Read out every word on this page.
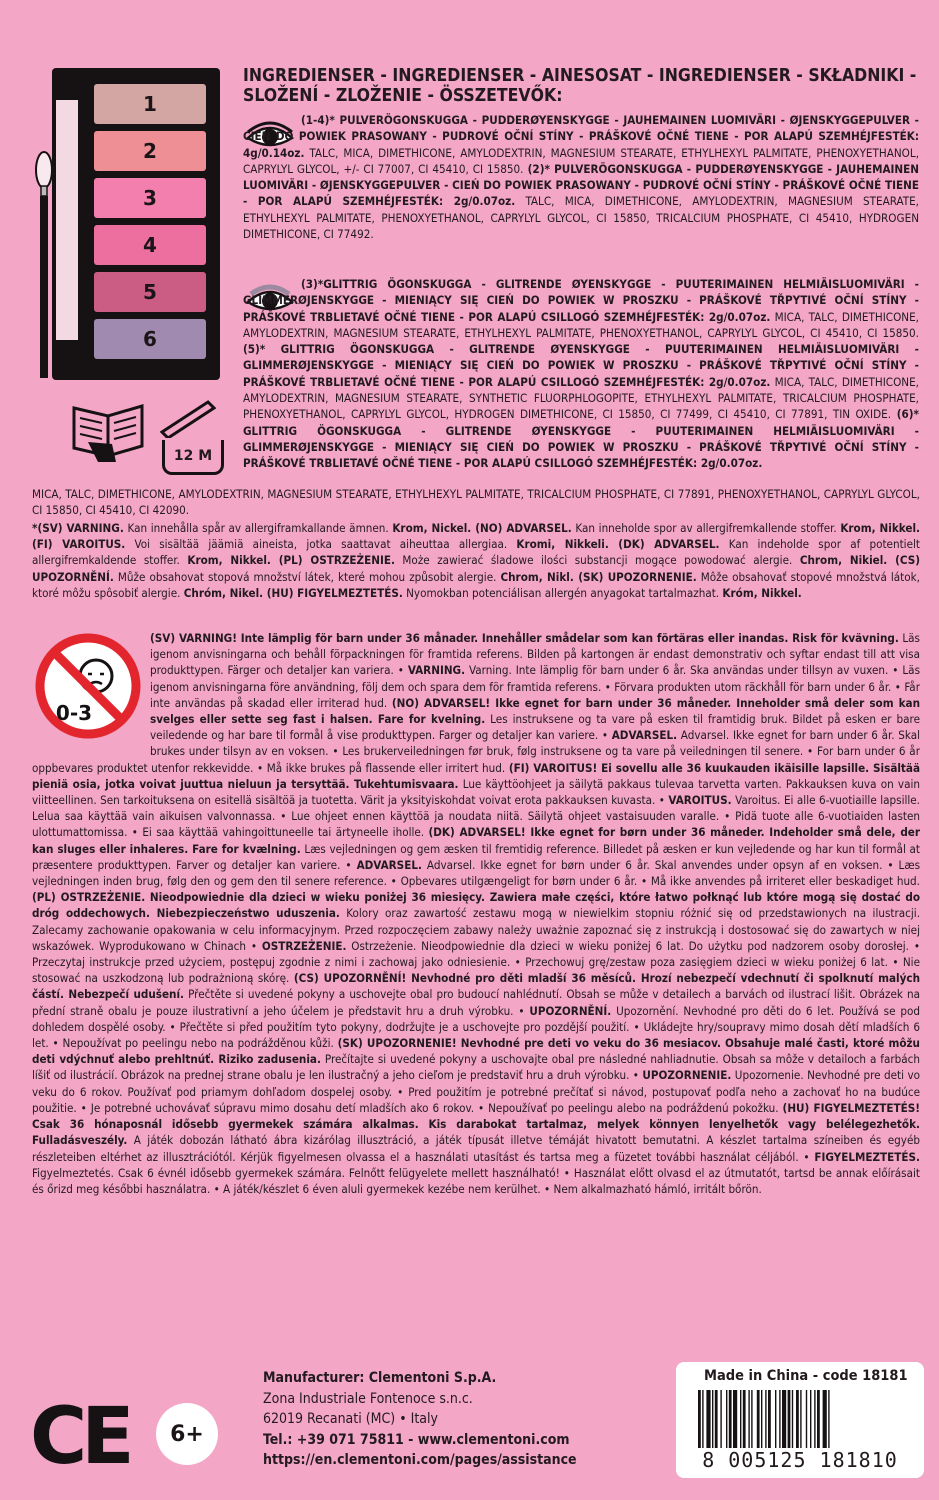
1
2
3
4
5
6
12 M
INGREDIENSER - INGREDIENSER - AINESOSAT - INGREDIENSER - SKŁADNIKI -
SLOŽENÍ - ZLOŽENIE - ÖSSZETEVŐK:

(1-4)* PULVERÖGONSKUGGA - PUDDERØYENSKYGGE - JAUHEMAINEN LUOMIVÄRI - ØJENSKYGGEPULVER - CIEŃ DO POWIEK PRASOWANY - PUDROVÉ OČNÍ STÍNY - PRÁŠKOVÉ OČNÉ TIENE - POR ALAPÚ SZEMHÉJFESTÉK: 4g/0.14oz. TALC, MICA, DIMETHICONE, AMYLODEXTRIN, MAGNESIUM STEARATE, ETHYLHEXYL PALMITATE, PHENOXYETHANOL, CAPRYLYL GLYCOL, +/- CI 77007, CI 45410, CI 15850. (2)* PULVERÖGONSKUGGA - PUDDERØYENSKYGGE - JAUHEMAINEN LUOMIVÄRI - ØJENSKYGGEPULVER - CIEŃ DO POWIEK PRASOWANY - PUDROVÉ OČNÍ STÍNY - PRÁŠKOVÉ OČNÉ TIENE - POR ALAPÚ SZEMHÉJFESTÉK: 2g/0.07oz. TALC, MICA, DIMETHICONE, AMYLODEXTRIN, MAGNESIUM STEARATE, ETHYLHEXYL PALMITATE, PHENOXYETHANOL, CAPRYLYL GLYCOL, CI 15850, TRICALCIUM PHOSPHATE, CI 45410, HYDROGEN DIMETHICONE, CI 77492.

(3)*GLITTRIG ÖGONSKUGGA - GLITRENDE ØYENSKYGGE - PUUTERIMAINEN HELMIÄISLUOMIVÄRI - GLIMMERØJENSKYGGE - MIENIĄCY SIĘ CIEŃ DO POWIEK W PROSZKU - PRÁŠKOVÉ TŘPYTIVÉ OČNÍ STÍNY - PRÁŠKOVÉ TRBLIETAVÉ OČNÉ TIENE - POR ALAPÚ CSILLOGÓ SZEMHÉJFESTÉK: 2g/0.07oz. MICA, TALC, DIMETHICONE, AMYLODEXTRIN, MAGNESIUM STEARATE, ETHYLHEXYL PALMITATE, PHENOXYETHANOL, CAPRYLYL GLYCOL, CI 45410, CI 15850. (5)* GLITTRIG ÖGONSKUGGA - GLITRENDE ØYENSKYGGE - PUUTERIMAINEN HELMIÄISLUOMIVÄRI - GLIMMERØJENSKYGGE - MIENIĄCY SIĘ CIEŃ DO POWIEK W PROSZKU - PRÁŠKOVÉ TŘPYTIVÉ OČNÍ STÍNY - PRÁŠKOVÉ TRBLIETAVÉ OČNÉ TIENE - POR ALAPÚ CSILLOGÓ SZEMHÉJFESTÉK: 2g/0.07oz. MICA, TALC, DIMETHICONE, AMYLODEXTRIN, MAGNESIUM STEARATE, SYNTHETIC FLUORPHLOGOPITE, ETHYLHEXYL PALMITATE, TRICALCIUM PHOSPHATE, PHENOXYETHANOL, CAPRYLYL GLYCOL, HYDROGEN DIMETHICONE, CI 15850, CI 77499, CI 45410, CI 77891, TIN OXIDE. (6)* GLITTRIG ÖGONSKUGGA - GLITRENDE ØYENSKYGGE - PUUTERIMAINEN HELMIÄISLUOMIVÄRI - GLIMMERØJENSKYGGE - MIENIĄCY SIĘ CIEŃ DO POWIEK W PROSZKU - PRÁŠKOVÉ TŘPYTIVÉ OČNÍ STÍNY - PRÁŠKOVÉ TRBLIETAVÉ OČNÉ TIENE - POR ALAPÚ CSILLOGÓ SZEMHÉJFESTÉK: 2g/0.07oz.

MICA, TALC, DIMETHICONE, AMYLODEXTRIN, MAGNESIUM STEARATE, ETHYLHEXYL PALMITATE, TRICALCIUM PHOSPHATE, CI 77891, PHENOXYETHANOL, CAPRYLYL GLYCOL, CI 15850, CI 45410, CI 42090.

*(SV) VARNING. Kan innehålla spår av allergiframkallande ämnen. Krom, Nickel. (NO) ADVARSEL. Kan inneholde spor av allergifremkallende stoffer. Krom, Nikkel. (FI) VAROITUS. Voi sisältää jäämiä aineista, jotka saattavat aiheuttaa allergiaa. Kromi, Nikkeli. (DK) ADVARSEL. Kan indeholde spor af potentielt allergifremkaldende stoffer. Krom, Nikkel. (PL) OSTRZEŻENIE. Może zawierać śladowe ilości substancji mogące powodować alergie. Chrom, Nikiel. (CS) UPOZORNĚNÍ. Může obsahovat stopová množství látek, které mohou způsobit alergie. Chrom, Nikl. (SK) UPOZORNENIE. Môže obsahovať stopové množstvá látok, ktoré môžu spôsobiť alergie. Chróm, Nikel. (HU) FIGYELMEZTETÉS. Nyomokban potenciálisan allergén anyagokat tartalmazhat. Króm, Nikkel.

0-3

(SV) VARNING! Inte lämplig för barn under 36 månader. Innehåller smådelar som kan förtäras eller inandas. Risk för kvävning. Läs igenom anvisningarna och behåll förpackningen för framtida referens. Bilden på kartongen är endast demonstrativ och syftar endast till att visa produkttypen. Färger och detaljer kan variera. • VARNING. Varning. Inte lämplig för barn under 6 år. Ska användas under tillsyn av vuxen. • Läs igenom anvisningarna före användning, följ dem och spara dem för framtida referens. • Förvara produkten utom räckhåll för barn under 6 år. • Får inte användas på skadad eller irriterad hud. (NO) ADVARSEL! Ikke egnet for barn under 36 måneder. Inneholder små deler som kan svelges eller sette seg fast i halsen. Fare for kvelning. Les instruksene og ta vare på esken til framtidig bruk. Bildet på esken er bare veiledende og har bare til formål å vise produkttypen. Farger og detaljer kan variere. • ADVARSEL. Advarsel. Ikke egnet for barn under 6 år. Skal brukes under tilsyn av en voksen. • Les brukerveiledningen før bruk, følg instruksene og ta vare på veiledningen til senere. • For barn under 6 år oppbevares produktet utenfor rekkevidde. • Må ikke brukes på flassende eller irritert hud. (FI) VAROITUS! Ei sovellu alle 36 kuukauden ikäisille lapsille. Sisältää pieniä osia, jotka voivat juuttua nieluun ja tersyttää. Tukehtumisvaara. Lue käyttöohjeet ja säilytä pakkaus tulevaa tarvetta varten. Pakkauksen kuva on vain viitteellinen. Sen tarkoituksena on esitellä sisältöä ja tuotetta. Värit ja yksityiskohdat voivat erota pakkauksen kuvasta. • VAROITUS. Varoitus. Ei alle 6-vuotiaille lapsille. Lelua saa käyttää vain aikuisen valvonnassa. • Lue ohjeet ennen käyttöä ja noudata niitä. Säilytä ohjeet vastaisuuden varalle. • Pidä tuote alle 6-vuotiaiden lasten ulottumattomissa. • Ei saa käyttää vahingoittuneelle tai ärtyneelle iholle. (DK) ADVARSEL! Ikke egnet for børn under 36 måneder. Indeholder små dele, der kan sluges eller inhaleres. Fare for kvælning. Læs vejledningen og gem æsken til fremtidig reference. Billedet på æsken er kun vejledende og har kun til formål at præsentere produkttypen. Farver og detaljer kan variere. • ADVARSEL. Advarsel. Ikke egnet for børn under 6 år. Skal anvendes under opsyn af en voksen. • Læs vejledningen inden brug, følg den og gem den til senere reference. • Opbevares utilgængeligt for børn under 6 år. • Må ikke anvendes på irriteret eller beskadiget hud. (PL) OSTRZEŻENIE. Nieodpowiednie dla dzieci w wieku poniżej 36 miesięcy. Zawiera małe części, które łatwo połknąć lub które mogą się dostać do dróg oddechowych. Niebezpieczeństwo uduszenia. Kolory oraz zawartość zestawu mogą w niewielkim stopniu różnić się od przedstawionych na ilustracji. Zalecamy zachowanie opakowania w celu informacyjnym. Przed rozpoczęciem zabawy należy uważnie zapoznać się z instrukcją i dostosować się do zawartych w niej wskazówek. Wyprodukowano w Chinach • OSTRZEŻENIE. Ostrzeżenie. Nieodpowiednie dla dzieci w wieku poniżej 6 lat. Do użytku pod nadzorem osoby dorosłej. • Przeczytaj instrukcje przed użyciem, postępuj zgodnie z nimi i zachowaj jako odniesienie. • Przechowuj grę/zestaw poza zasięgiem dzieci w wieku poniżej 6 lat. • Nie stosować na uszkodzoną lub podrażnioną skórę. (CS) UPOZORNĚNÍ! Nevhodné pro děti mladší 36 měsíců. Hrozí nebezpečí vdechnutí či spolknutí malých částí. Nebezpečí udušení. Přečtěte si uvedené pokyny a uschovejte obal pro budoucí nahlédnutí. Obsah se může v detailech a barvách od ilustrací lišit. Obrázek na přední straně obalu je pouze ilustrativní a jeho účelem je představit hru a druh výrobku. • UPOZORNĚNÍ. Upozornění. Nevhodné pro děti do 6 let. Používá se pod dohledem dospělé osoby. • Přečtěte si před použitím tyto pokyny, dodržujte je a uschovejte pro pozdější použití. • Ukládejte hry/soupravy mimo dosah dětí mladších 6 let. • Nepoužívat po peelingu nebo na podrážděnou kůži. (SK) UPOZORNENIE! Nevhodné pre deti vo veku do 36 mesiacov. Obsahuje malé časti, ktoré môžu deti vdýchnuť alebo prehltnúť. Riziko zadusenia. Prečítajte si uvedené pokyny a uschovajte obal pre následné nahliadnutie. Obsah sa môže v detailoch a farbách líšiť od ilustrácií. Obrázok na prednej strane obalu je len ilustračný a jeho cieľom je predstaviť hru a druh výrobku. • UPOZORNENIE. Upozornenie. Nevhodné pre deti vo veku do 6 rokov. Používať pod priamym dohľadom dospelej osoby. • Pred použitím je potrebné prečítať si návod, postupovať podľa neho a zachovať ho na budúce použitie. • Je potrebné uchovávať súpravu mimo dosahu detí mladších ako 6 rokov. • Nepoužívať po peelingu alebo na podráždenú pokožku. (HU) FIGYELMEZTETÉS! Csak 36 hónaposnál idősebb gyermekek számára alkalmas. Kis darabokat tartalmaz, melyek könnyen lenyelhetők vagy belélegezhetők. Fulladásveszély. A játék dobozán látható ábra kizárólag illusztráció, a játék típusát illetve témáját hivatott bemutatni. A készlet tartalma színeiben és egyéb részleteiben eltérhet az illusztrációtól. Kérjük figyelmesen olvassa el a használati utasítást és tartsa meg a füzetet további használat céljából. • FIGYELMEZTETÉS. Figyelmeztetés. Csak 6 évnél idősebb gyermekek számára. Felnőtt felügyelete mellett használható! • Használat előtt olvasd el az útmutatót, tartsd be annak előírásait és őrizd meg későbbi használatra. • A játék/készlet 6 éven aluli gyermekek kezébe nem kerülhet. • Nem alkalmazható hámló, irritált bőrön.

CE 6+
Manufacturer: Clementoni S.p.A.
Zona Industriale Fontenoce s.n.c.
62019 Recanati (MC) • Italy
Tel.: +39 071 75811 - www.clementoni.com
https://en.clementoni.com/pages/assistance
Made in China - code 18181
8 005125 181810
